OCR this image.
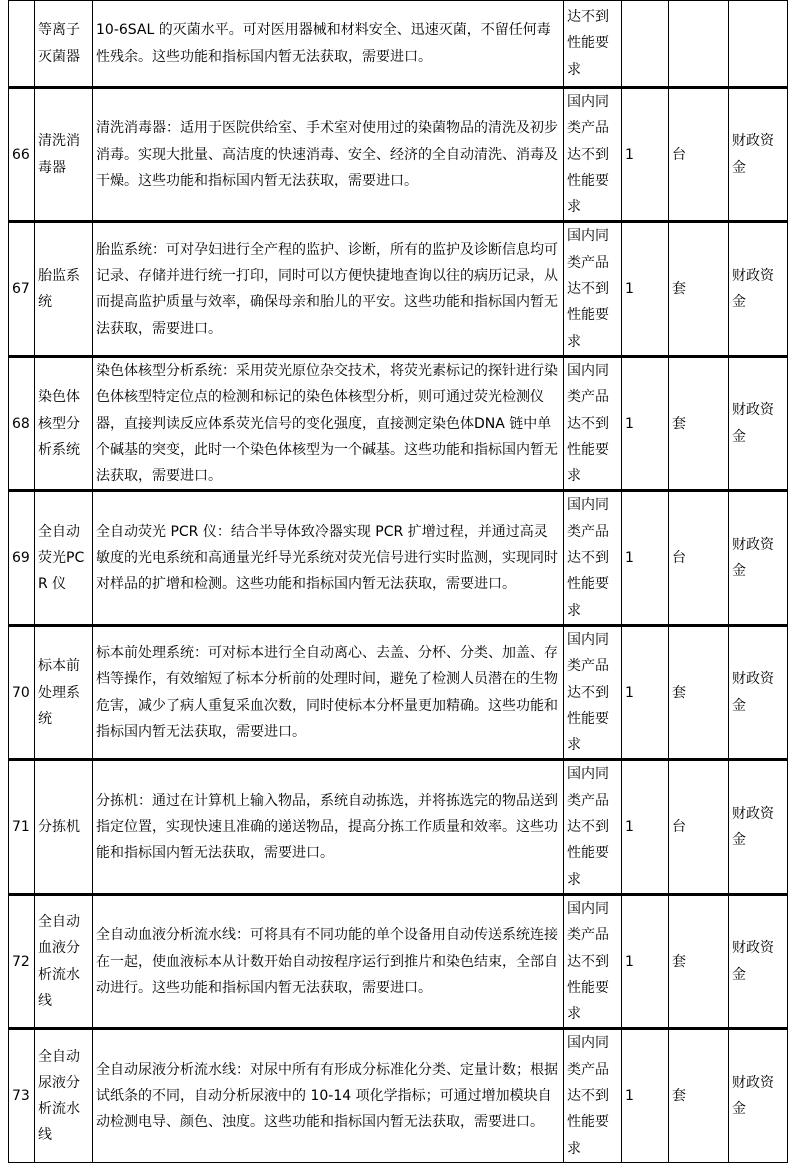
	等离子灭菌器	10-6SAL 的灭菌水平。可对医用器械和材料安全、迅速灭菌，不留任何毒性残余。这些功能和指标国内暂无法获取，需要进口。	达不到性能要求			
66	清洗消毒器	清洗消毒器：适用于医院供给室、手术室对使用过的染菌物品的清洗及初步消毒。实现大批量、高洁度的快速消毒、安全、经济的全自动清洗、消毒及干燥。这些功能和指标国内暂无法获取，需要进口。	国内同类产品达不到性能要求	1	台	财政资金
67	胎监系统	胎监系统：可对孕妇进行全产程的监护、诊断，所有的监护及诊断信息均可记录、存储并进行统一打印，同时可以方便快捷地查询以往的病历记录，从而提高监护质量与效率，确保母亲和胎儿的平安。这些功能和指标国内暂无法获取，需要进口。	国内同类产品达不到性能要求	1	套	财政资金
68	染色体核型分析系统	染色体核型分析系统：采用荧光原位杂交技术，将荧光素标记的探针进行染色体核型特定位点的检测和标记的染色体核型分析，则可通过荧光检测仪器，直接判读反应体系荧光信号的变化强度，直接测定染色体DNA 链中单个碱基的突变，此时一个染色体核型为一个碱基。这些功能和指标国内暂无法获取，需要进口。	国内同类产品达不到性能要求	1	套	财政资金
69	全自动荧光PCR 仪	全自动荧光 PCR 仪：结合半导体致冷器实现 PCR 扩增过程，并通过高灵敏度的光电系统和高通量光纤导光系统对荧光信号进行实时监测，实现同时对样品的扩增和检测。这些功能和指标国内暂无法获取，需要进口。	国内同类产品达不到性能要求	1	台	财政资金
70	标本前处理系统	标本前处理系统：可对标本进行全自动离心、去盖、分杯、分类、加盖、存档等操作，有效缩短了标本分析前的处理时间，避免了检测人员潜在的生物危害，减少了病人重复采血次数，同时使标本分杯量更加精确。这些功能和指标国内暂无法获取，需要进口。	国内同类产品达不到性能要求	1	套	财政资金
71	分拣机	分拣机：通过在计算机上输入物品，系统自动拣选，并将拣选完的物品送到指定位置，实现快速且准确的递送物品，提高分拣工作质量和效率。这些功能和指标国内暂无法获取，需要进口。	国内同类产品达不到性能要求	1	台	财政资金
72	全自动血液分析流水线	全自动血液分析流水线：可将具有不同功能的单个设备用自动传送系统连接在一起，使血液标本从计数开始自动按程序运行到推片和染色结束，全部自动进行。这些功能和指标国内暂无法获取，需要进口。	国内同类产品达不到性能要求	1	套	财政资金
73	全自动尿液分析流水线	全自动尿液分析流水线：对尿中所有有形成分标准化分类、定量计数；根据试纸条的不同，自动分析尿液中的 10-14 项化学指标；可通过增加模块自动检测电导、颜色、浊度。这些功能和指标国内暂无法获取，需要进口。	国内同类产品达不到性能要求	1	套	财政资金
